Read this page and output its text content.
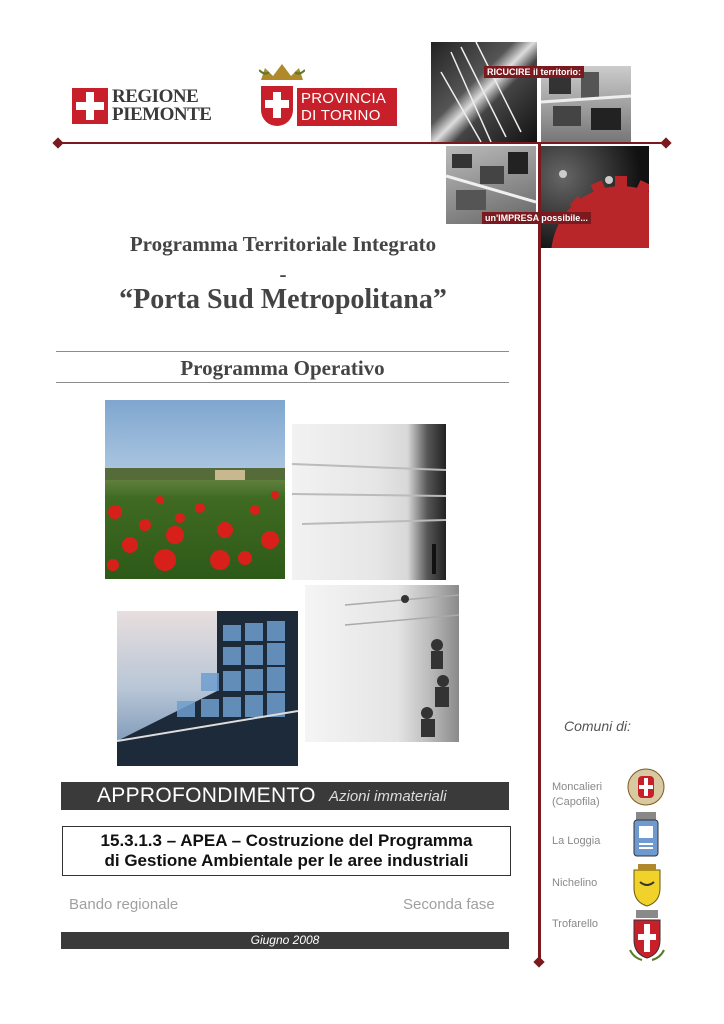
REGIONE
PIEMONTE
PROVINCIA
DI TORINO
RICUCIRE il territorio:
un'IMPRESA possibile...
Programma Territoriale Integrato
-
“Porta Sud Metropolitana”
Programma Operativo
APPROFONDIMENTO Azioni immateriali
15.3.1.3 – APEA – Costruzione del Programma
di Gestione Ambientale per le aree industriali
Bando regionale	Seconda fase
Giugno 2008
Comuni di:
Moncalieri
(Capofila)
La Loggia
Nichelino
Trofarello
